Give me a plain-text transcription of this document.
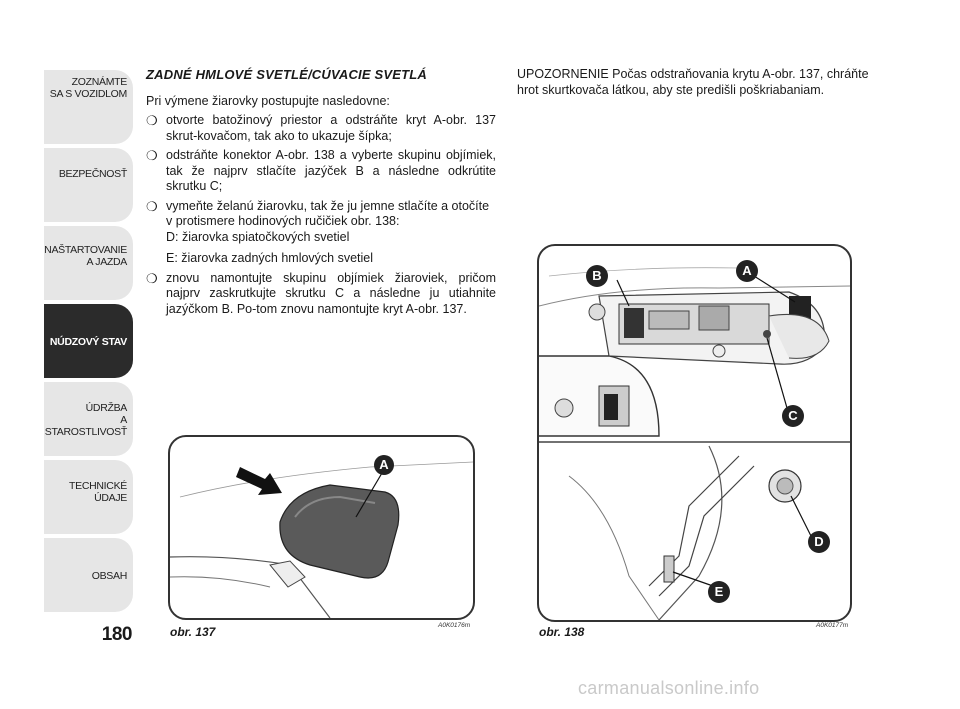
ZOZNÁMTE
SA S VOZIDLOM
BEZPEČNOSŤ
NAŠTARTOVANIE
A JAZDA
NÚDZOVÝ STAV
ÚDRŽBA
A STAROSTLIVOSŤ
TECHNICKÉ
ÚDAJE
OBSAH
180
ZADNÉ HMLOVÉ SVETLÉ/CÚVACIE SVETLÁ
Pri výmene žiarovky postupujte nasledovne:
❍ otvorte batožinový priestor a odstráňte kryt A-obr. 137 skrut-kovačom, tak ako to ukazuje šípka;
❍ odstráňte konektor A-obr. 138 a vyberte skupinu objímiek, tak že najprv stlačíte jazýček B a následne odkrútite skrutku C;
❍ vymeňte želanú žiarovku, tak že ju jemne stlačíte a otočíte v protismere hodinových ručičiek obr. 138:
D: žiarovka spiatočkových svetiel
E: žiarovka zadných hmlových svetiel
❍ znovu namontujte skupinu objímiek žiaroviek, pričom najprv zaskrutkujte skrutku C a následne ju utiahnite jazýčkom B. Po-tom znovu namontujte kryt A-obr. 137.
UPOZORNENIE Počas odstraňovania krytu A-obr. 137, chráňte hrot skurtkovača látkou, aby ste predišli poškriabaniam.
A
obr. 137	A0K0176m
B	A
C
D
E
obr. 138	A0K0177m
carmanualsonline.info
